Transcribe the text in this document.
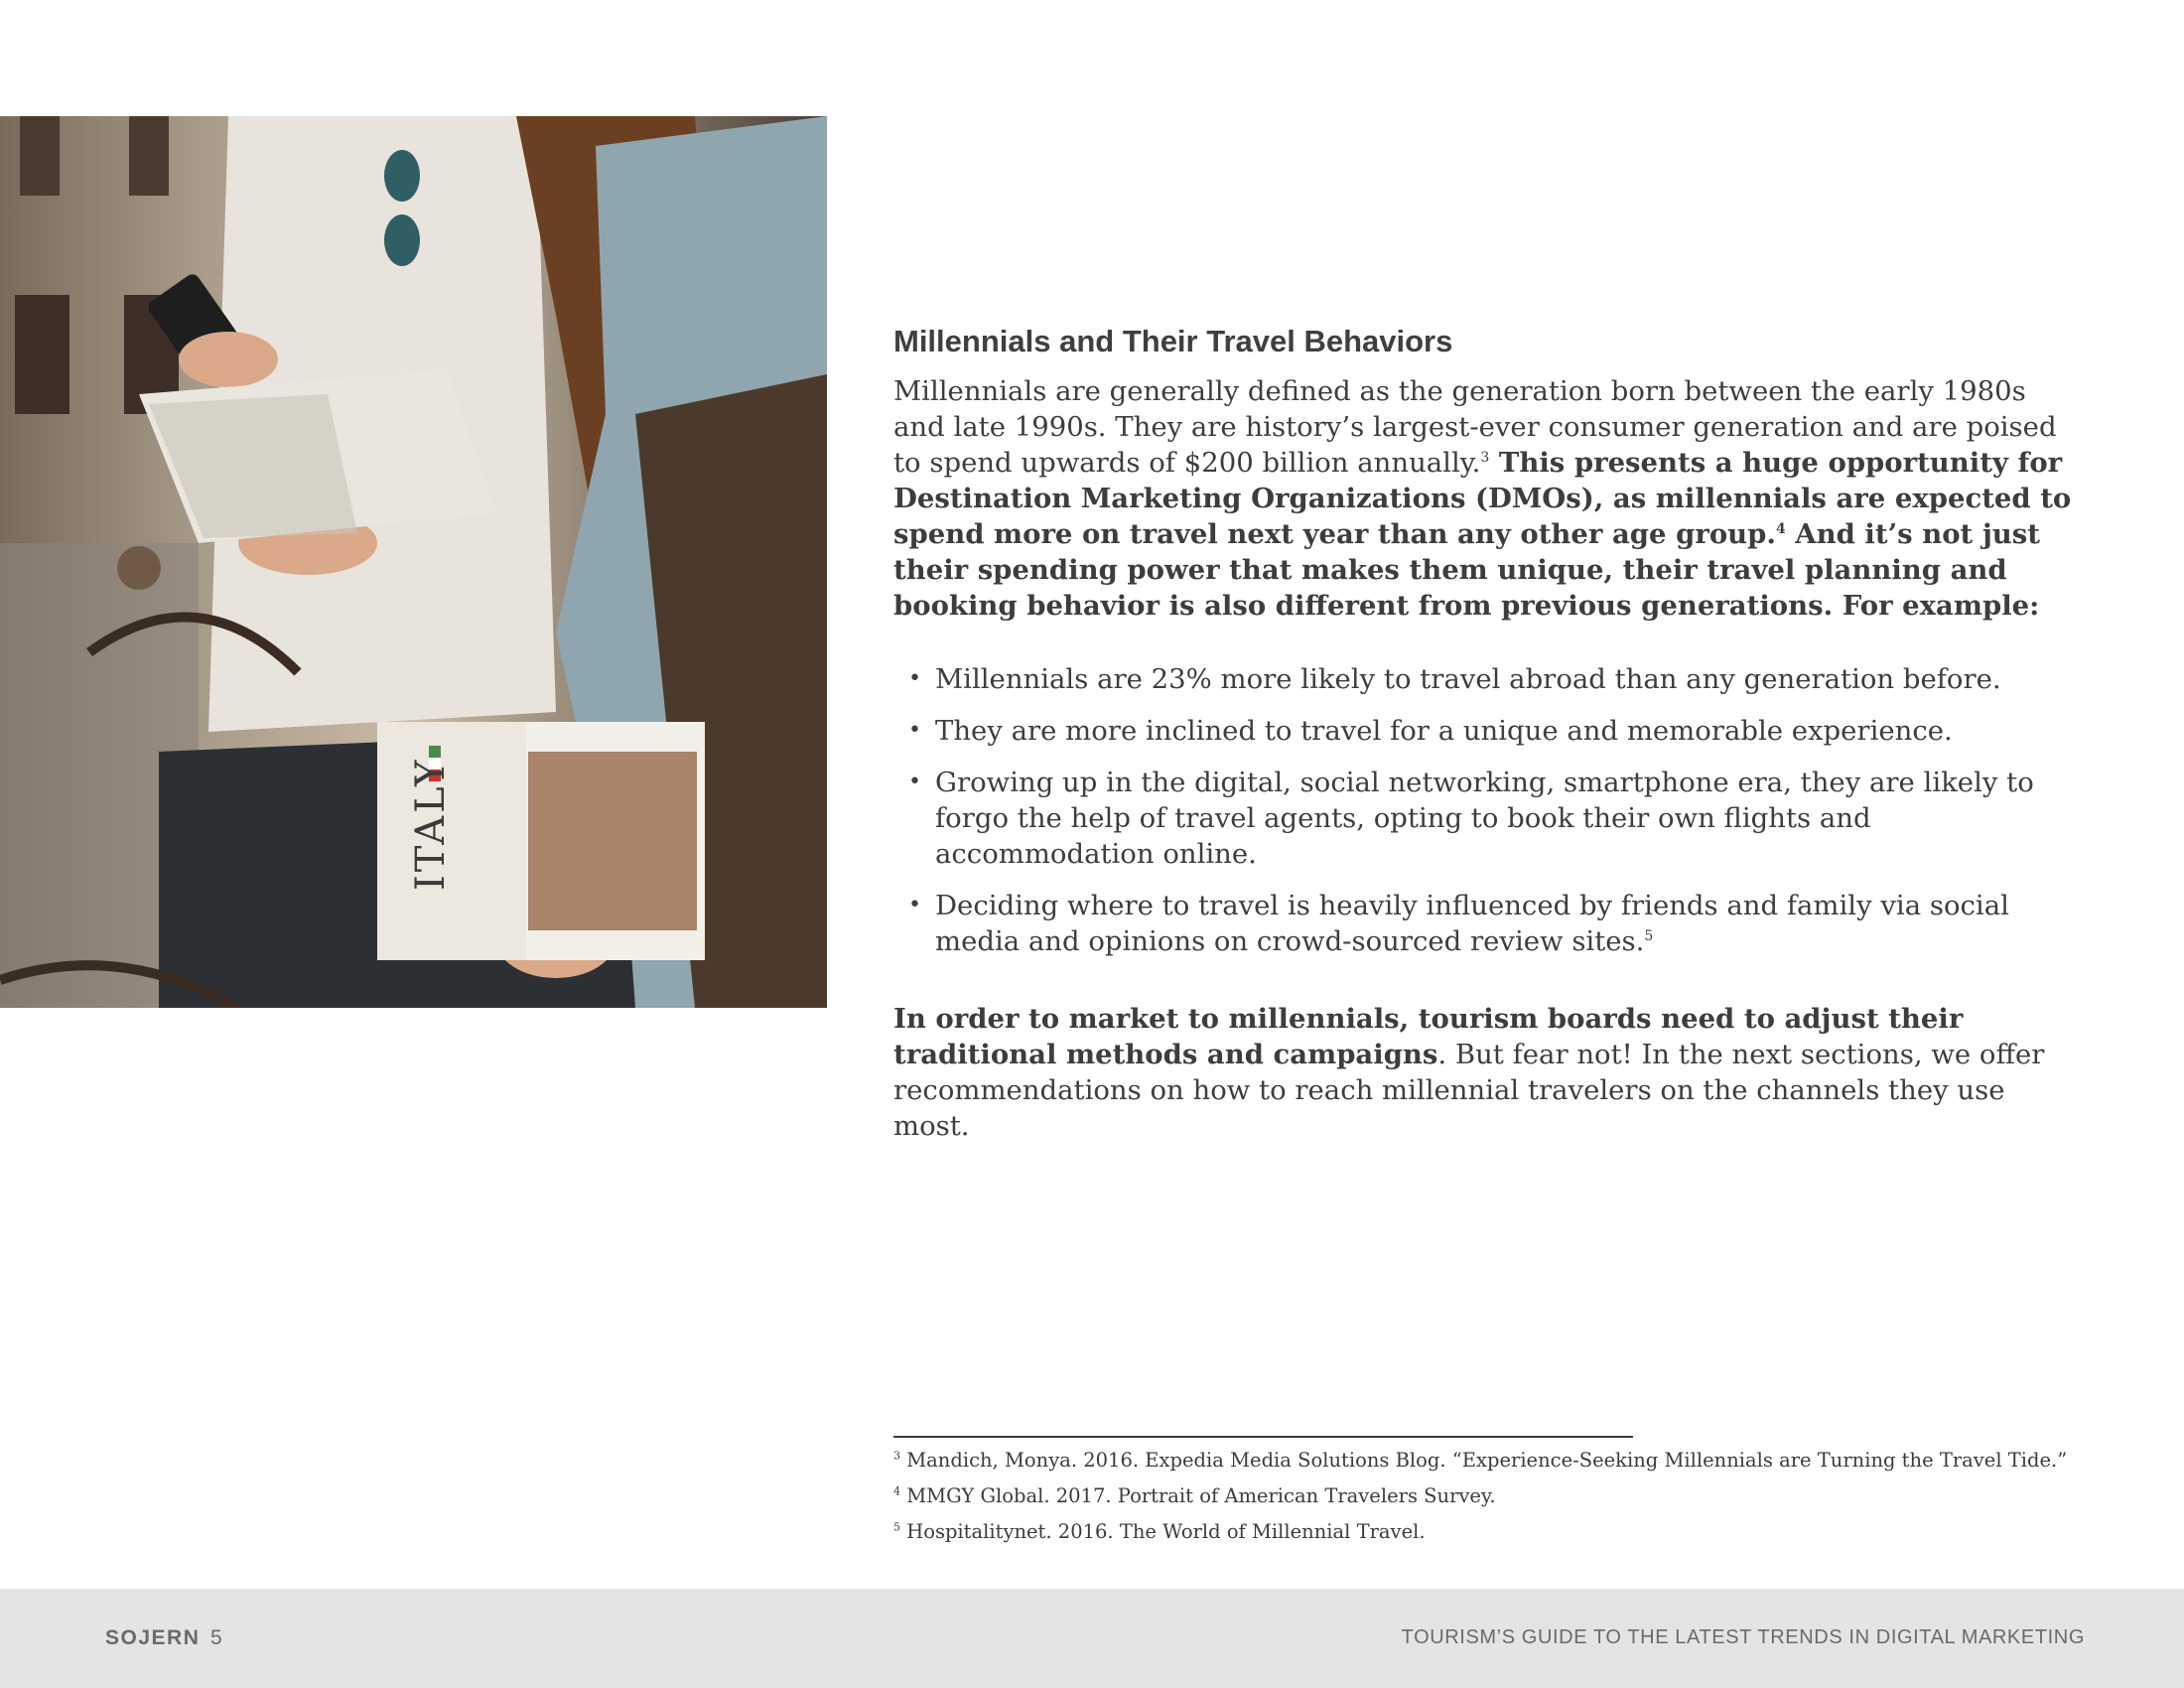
ITALY
Millennials and Their Travel Behaviors

Millennials are generally defined as the generation born between the early 1980s and late 1990s. They are history’s largest-ever consumer generation and are poised to spend upwards of $200 billion annually.$^3$ This presents a huge opportunity for Destination Marketing Organizations (DMOs), as millennials are expected to spend more on travel next year than any other age group.$^4$ And it’s not just their spending power that makes them unique, their travel planning and booking behavior is also different from previous generations. For example:

• Millennials are 23% more likely to travel abroad than any generation before.
• They are more inclined to travel for a unique and memorable experience.
• Growing up in the digital, social networking, smartphone era, they are likely to forgo the help of travel agents, opting to book their own flights and accommodation online.
• Deciding where to travel is heavily influenced by friends and family via social media and opinions on crowd-sourced review sites.$^5$

In order to market to millennials, tourism boards need to adjust their traditional methods and campaigns. But fear not! In the next sections, we offer recommendations on how to reach millennial travelers on the channels they use most.

$^3$ Mandich, Monya. 2016. Expedia Media Solutions Blog. “Experience-Seeking Millennials are Turning the Travel Tide.”

$^4$ MMGY Global. 2017. Portrait of American Travelers Survey.

$^5$ Hospitalitynet. 2016. The World of Millennial Travel.

SOJERN 5	TOURISM’S GUIDE TO THE LATEST TRENDS IN DIGITAL MARKETING
